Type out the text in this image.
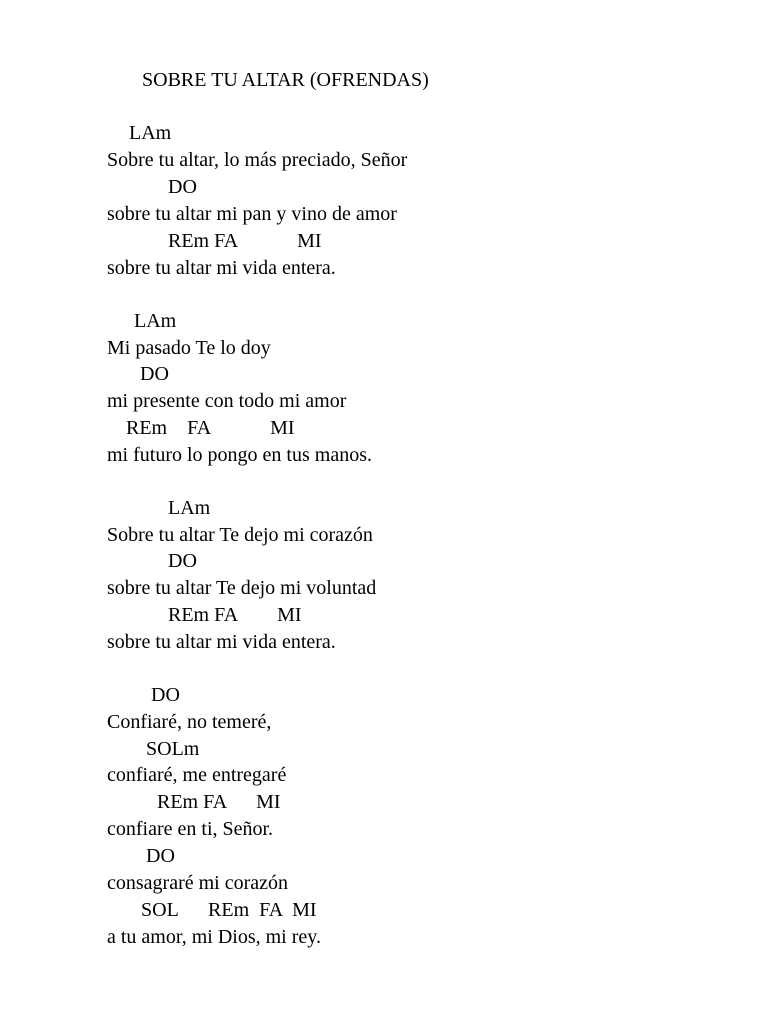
SOBRE TU ALTAR (OFRENDAS)
LAm
Sobre tu altar, lo más preciado, Señor
DO
sobre tu altar mi pan y vino de amor
REm FA            MI
sobre tu altar mi vida entera.
LAm
Mi pasado Te lo doy
DO
mi presente con todo mi amor
REm    FA            MI
mi futuro lo pongo en tus manos.
LAm
Sobre tu altar Te dejo mi corazón
DO
sobre tu altar Te dejo mi voluntad
REm FA        MI
sobre tu altar mi vida entera.
DO
Confiaré, no temeré,
SOLm
confiaré, me entregaré
REm FA      MI
confiare en ti, Señor.
DO
consagraré mi corazón
SOL      REm  FA  MI
a tu amor, mi Dios, mi rey.
